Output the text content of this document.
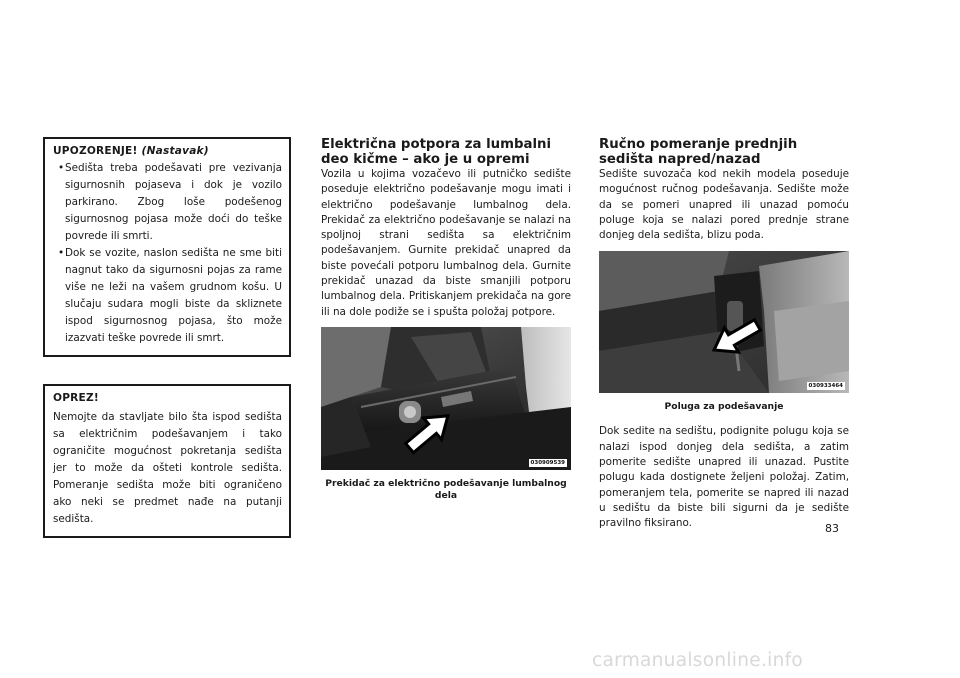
UPOZORENJE! (Nastavak)
•Sedišta treba podešavati pre vezivanja sigurnosnih pojaseva i dok je vozilo parkirano. Zbog loše podešenog sigurnosnog pojasa može doći do teške povrede ili smrti.
•Dok se vozite, naslon sedišta ne sme biti nagnut tako da sigurnosni pojas za rame više ne leži na vašem grudnom košu. U slučaju sudara mogli biste da skliznete ispod sigurnosnog pojasa, što može izazvati teške povrede ili smrt.
OPREZ!

Nemojte da stavljate bilo šta ispod sedišta sa električnim podešavanjem i tako ograničite mogućnost pokretanja sedišta jer to može da ošteti kontrole sedišta. Pomeranje sedišta može biti ograničeno ako neki se predmet nađe na putanji sedišta.

Električna potpora za lumbalni deo kičme – ako je u opremi

Vozila u kojima vozačevo ili putničko sedište poseduje električno podešavanje mogu imati i električno podešavanje lumbalnog dela. Prekidač za električno podešavanje se nalazi na spoljnoj strani sedišta sa električnim podešavanjem. Gurnite prekidač unapred da biste povećali potporu lumbalnog dela. Gurnite prekidač unazad da biste smanjili potporu lumbalnog dela. Pritiskanjem prekidača na gore ili na dole podiže se i spušta položaj potpore.

030909539
Prekidač za električno podešavanje lumbalnog dela
Ručno pomeranje prednjih sedišta napred/nazad

Sedište suvozača kod nekih modela poseduje mogućnost ručnog podešavanja. Sedište može da se pomeri unapred ili unazad pomoću poluge koja se nalazi pored prednje strane donjeg dela sedišta, blizu poda.

030933464
Poluga za podešavanje

Dok sedite na sedištu, podignite polugu koja se nalazi ispod donjeg dela sedišta, a zatim pomerite sedište unapred ili unazad. Pustite polugu kada dostignete željeni položaj. Zatim, pomeranjem tela, pomerite se napred ili nazad u sedištu da biste bili sigurni da je sedište pravilno fiksirano.	83
carmanualsonline.info
